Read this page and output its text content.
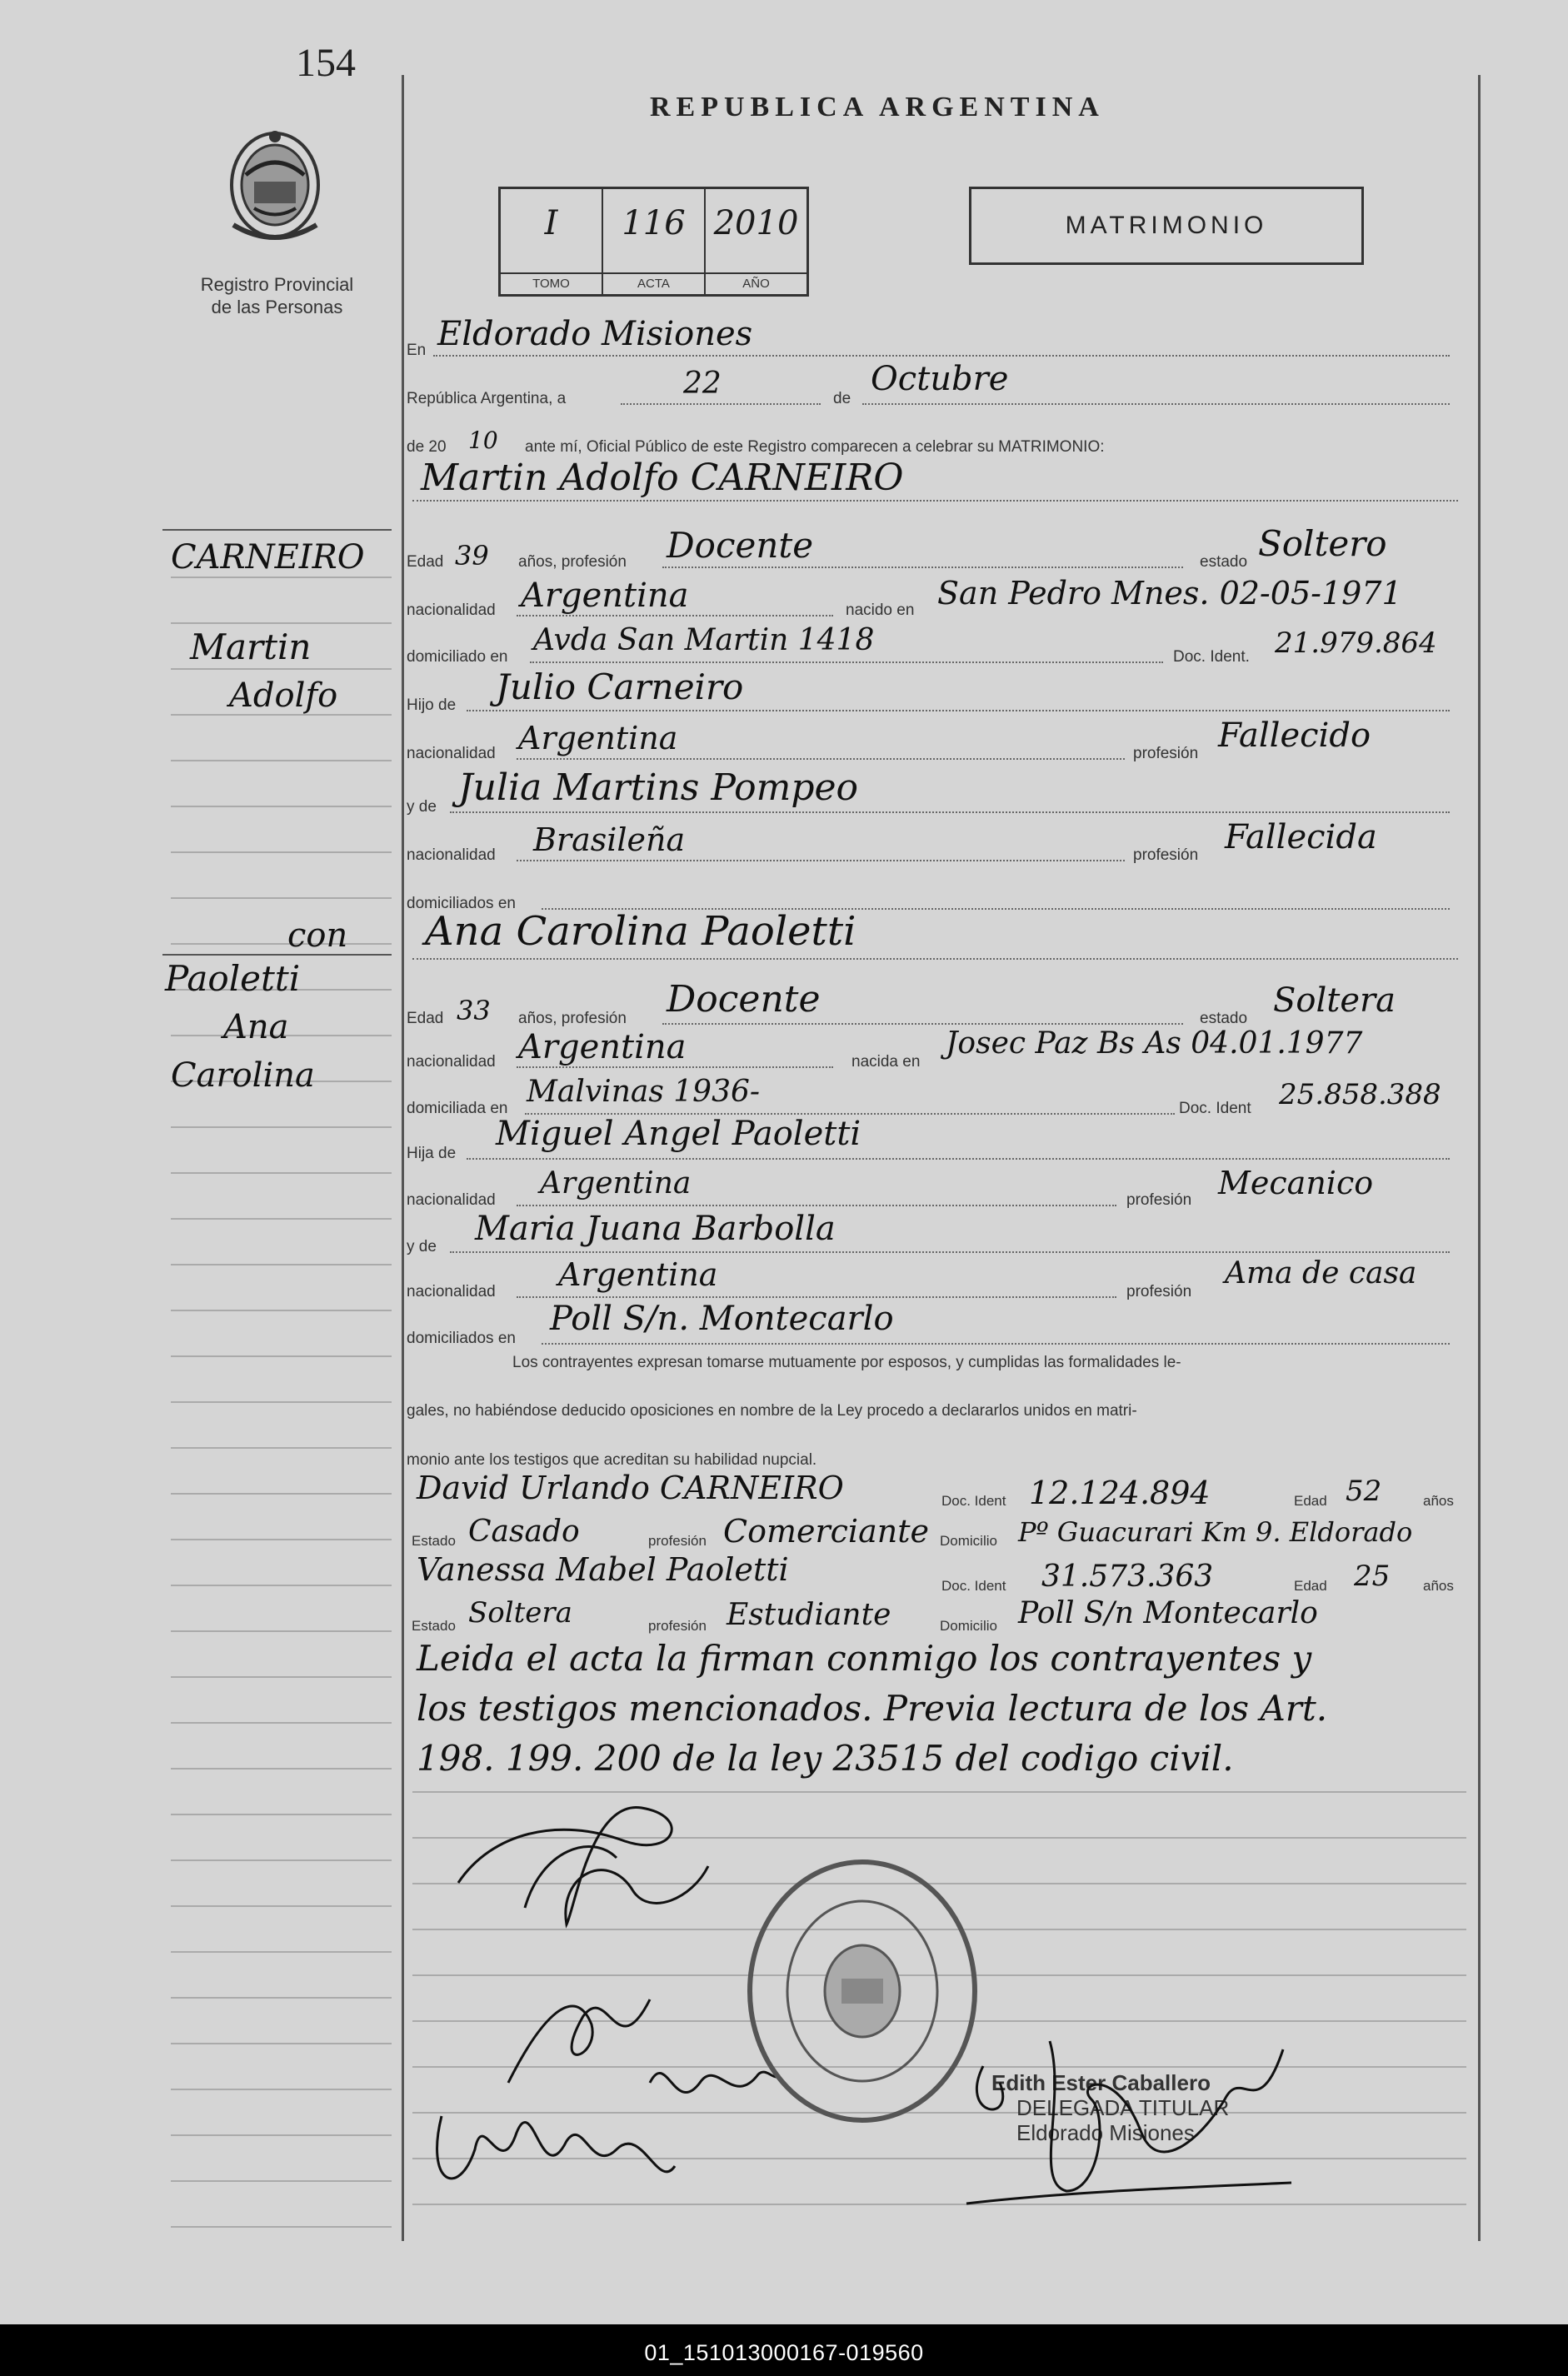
154
Registro Provincial
de las Personas
REPUBLICA ARGENTINA
I
TOMO
116
ACTA
2010
AÑO
MATRIMONIO
En Eldorado Misiones
República Argentina, a	22	de
Octubre
de 20 10 ante mí, Oficial Público de este Registro comparecen a celebrar su MATRIMONIO:
Martin Adolfo CARNEIRO
CARNEIRO
Martin
Adolfo
con
Paoletti
Ana
Carolina
Edad 39 años, profesión Docente	estado Soltero
nacionalidad Argentina	nacido en San Pedro Mnes. 02-05-1971
domiciliado en Avda San Martin 1418	Doc. Ident. 21.979.864
Hijo de Julio Carneiro
nacionalidad Argentina	profesión Fallecido
y de Julia Martins Pompeo
nacionalidad Brasileña	profesión Fallecida
domiciliados en
Ana Carolina Paoletti
Edad 33 años, profesión Docente	estado Soltera
nacionalidad Argentina	nacida en
Josec Paz Bs As 04.01.1977
domiciliada en Malvinas 1936-	Doc. Ident 25.858.388
Hija de
Miguel Angel Paoletti
nacionalidad Argentina	profesión Mecanico
y de Maria Juana Barbolla
nacionalidad Argentina	profesión
Ama de casa
domiciliados en
Poll S/n. Montecarlo
Los contrayentes expresan tomarse mutuamente por esposos, y cumplidas las formalidades le-
gales, no habiéndose deducido oposiciones en nombre de la Ley procedo a declararlos unidos en matri-
monio ante los testigos que acreditan su habilidad nupcial.
David Urlando CARNEIRO	Doc. Ident 12.124.894	Edad 52	años
Estado Casado	profesión Comerciante Domicilio Pº Guacurari Km 9. Eldorado
Vanessa Mabel Paoletti	Doc. Ident 31.573.363	Edad 25 años
Estado Soltera	profesión Estudiante	Domicilio Poll S/n Montecarlo
Leida el acta la firman conmigo los contrayentes y
los testigos mencionados. Previa lectura de los Art.
198. 199. 200 de la ley 23515 del codigo civil.
Edith Ester Caballero
DELEGADA TITULAR
Eldorado Misiones
01_151013000167-019560
